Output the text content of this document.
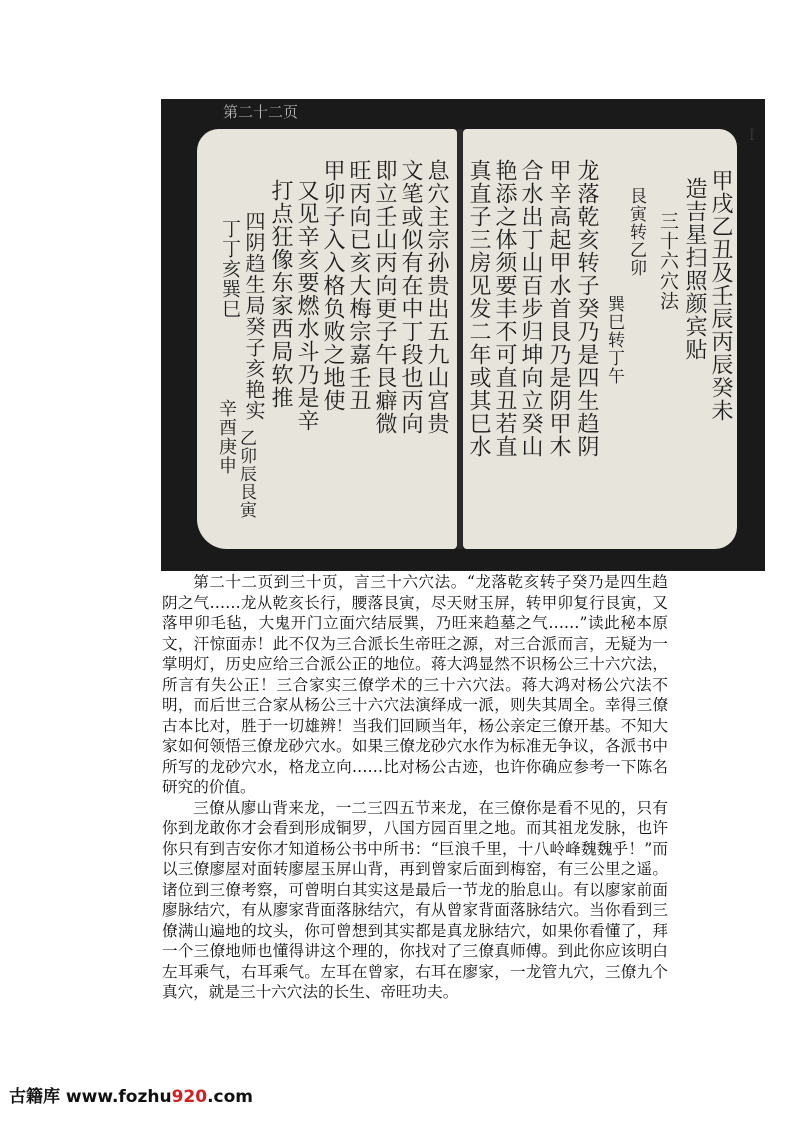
第二十二页
I
甲戌乙丑及壬辰丙辰癸未
造吉星扫照颜宾贴
三十六穴法
艮寅转乙卯
巽巳转丁午
龙落乾亥转子癸乃是四生趋阴
甲辛高起甲水首艮乃是阴甲木
合水出丁山百步归坤向立癸山
艳添之体须要丰不可直丑若直
真直子三房见发二年或其巳水
息穴主宗孙贵出五九山宫贵
文笔或似有在中丁段也丙向
即立壬山丙向更子午艮癖微
旺丙向已亥大梅宗嘉壬丑
甲卯子入入格负败之地使
又见辛亥要燃水斗乃是辛
打点狂像东家西局软推
四阴趋生局癸子亥艳实
丁丁亥巽巳
乙卯辰艮寅
辛酉庚申

第二十二页到三十页，言三十六穴法。“龙落乾亥转子癸乃是四生趋阴之气……龙从乾亥长行，腰落艮寅，尽天财玉屏，转甲卯复行艮寅，又落甲卯毛毡，大鬼开门立面穴结辰巽，乃旺来趋墓之气……”读此秘本原文，汗惊面赤！此不仅为三合派长生帝旺之源，对三合派而言，无疑为一掌明灯，历史应给三合派公正的地位。蒋大鸿显然不识杨公三十六穴法，所言有失公正！三合家实三僚学术的三十六穴法。蒋大鸿对杨公穴法不明，而后世三合家从杨公三十六穴法演绎成一派，则失其周全。幸得三僚古本比对，胜于一切雄辨！当我们回顾当年，杨公亲定三僚开基。不知大家如何领悟三僚龙砂穴水。如果三僚龙砂穴水作为标准无争议，各派书中所写的龙砂穴水，格龙立向……比对杨公古迹，也许你确应参考一下陈名研究的价值。

三僚从廖山背来龙，一二三四五节来龙，在三僚你是看不见的，只有你到龙敢你才会看到形成铜罗，八国方园百里之地。而其祖龙发脉，也许你只有到吉安你才知道杨公书中所书：“巨浪千里，十八岭峰魏魏乎！”而以三僚廖屋对面转廖屋玉屏山背，再到曾家后面到梅窑，有三公里之遥。诸位到三僚考察，可曾明白其实这是最后一节龙的胎息山。有以廖家前面廖脉结穴，有从廖家背面落脉结穴，有从曾家背面落脉结穴。当你看到三僚满山遍地的坟头，你可曾想到其实都是真龙脉结穴，如果你看懂了，拜一个三僚地师也懂得讲这个理的，你找对了三僚真师傅。到此你应该明白左耳乘气，右耳乘气。左耳在曾家，右耳在廖家，一龙管九穴，三僚九个真穴，就是三十六穴法的长生、帝旺功夫。

古籍库 www.fozhu920.com
